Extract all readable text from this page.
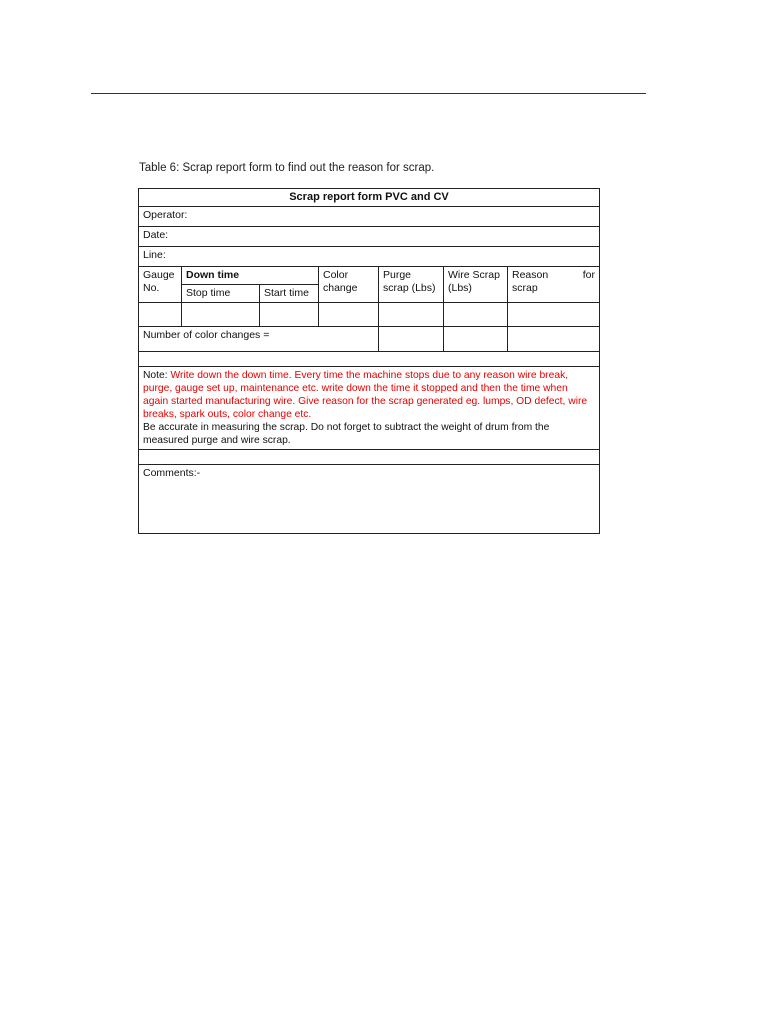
Table 6: Scrap report form to find out the reason for scrap.
Scrap report form PVC and CV						
Operator:						
Date:						
Line:						
Gauge No.	Down time		Color change	Purge scrap (Lbs)	Wire Scrap (Lbs)	Reason for
scrap

	Stop time	Start time				

Number of color changes =						

Note: Write down the down time. Every time the machine stops due to any reason wire break, purge, gauge set up, maintenance etc. write down the time it stopped and then the time when again started manufacturing wire. Give reason for the scrap generated eg. lumps, OD defect, wire breaks, spark outs, color change etc.
Be accurate in measuring the scrap. Do not forget to subtract the weight of drum from the measured purge and wire scrap.						

Comments:-						
